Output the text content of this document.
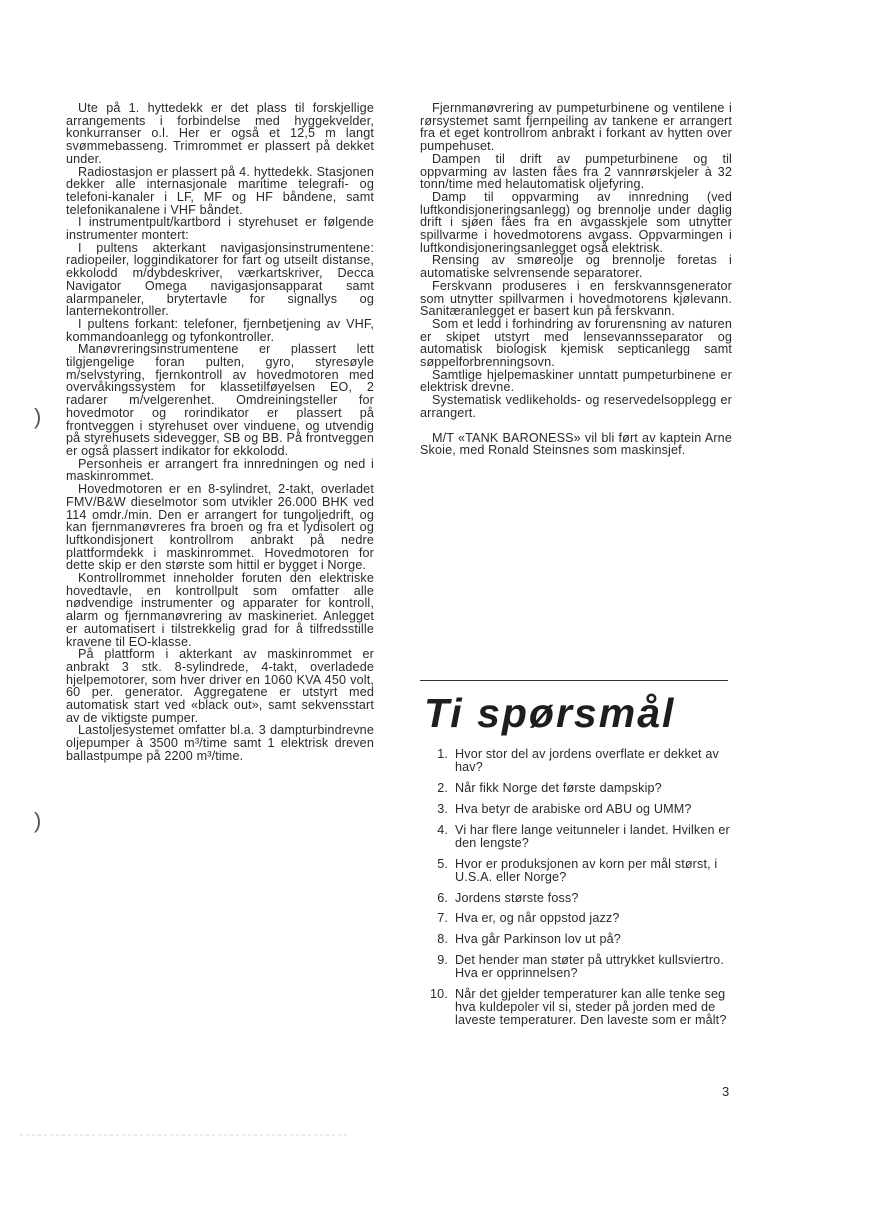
Ute på 1. hyttedekk er det plass til forskjellige arrangements i forbindelse med hyggekvelder, konkurranser o.l. Her er også et 12,5 m langt svømmebasseng. Trimrommet er plassert på dekket under.

Radiostasjon er plassert på 4. hyttedekk. Stasjonen dekker alle internasjonale maritime telegrafi- og telefoni-kanaler i LF, MF og HF båndene, samt telefonikanalene i VHF båndet.

I instrumentpult/kartbord i styrehuset er følgende instrumenter montert:

I pultens akterkant navigasjonsinstrumentene: radiopeiler, loggindikatorer for fart og utseilt distanse, ekkolodd m/dybdeskriver, værkartskriver, Decca Navigator Omega navigasjonsapparat samt alarmpaneler, brytertavle for signallys og lanternekontroller.

I pultens forkant: telefoner, fjernbetjening av VHF, kommandoanlegg og tyfonkontroller.

Manøvreringsinstrumentene er plassert lett tilgjengelige foran pulten, gyro, styresøyle m/selvstyring, fjernkontroll av hovedmotoren med overvåkingssystem for klassetilføyelsen EO, 2 radarer m/velgerenhet. Omdreiningsteller for hovedmotor og rorindikator er plassert på frontveggen i styrehuset over vinduene, og utvendig på styrehusets sidevegger, SB og BB. På frontveggen er også plassert indikator for ekkolodd.

Personheis er arrangert fra innredningen og ned i maskinrommet.

Hovedmotoren er en 8-sylindret, 2-takt, overladet FMV/B&W dieselmotor som utvikler 26.000 BHK ved 114 omdr./min. Den er arrangert for tungoljedrift, og kan fjernmanøvreres fra broen og fra et lydisolert og luftkondisjonert kontrollrom anbrakt på nedre plattformdekk i maskinrommet. Hovedmotoren for dette skip er den største som hittil er bygget i Norge.

Kontrollrommet inneholder foruten den elektriske hovedtavle, en kontrollpult som omfatter alle nødvendige instrumenter og apparater for kontroll, alarm og fjernmanøvrering av maskineriet. Anlegget er automatisert i tilstrekkelig grad for å tilfredsstille kravene til EO-klasse.

På plattform i akterkant av maskinrommet er anbrakt 3 stk. 8-sylindrede, 4-takt, overladede hjelpemotorer, som hver driver en 1060 KVA 450 volt, 60 per. generator. Aggregatene er utstyrt med automatisk start ved «black out», samt sekvensstart av de viktigste pumper.

Lastoljesystemet omfatter bl.a. 3 dampturbindrevne oljepumper à 3500 m³/time samt 1 elektrisk dreven ballastpumpe på 2200 m³/time.

Fjernmanøvrering av pumpeturbinene og ventilene i rørsystemet samt fjernpeiling av tankene er arrangert fra et eget kontrollrom anbrakt i forkant av hytten over pumpehuset.

Dampen til drift av pumpeturbinene og til oppvarming av lasten fåes fra 2 vannrørskjeler à 32 tonn/time med helautomatisk oljefyring.

Damp til oppvarming av innredning (ved luftkondisjoneringsanlegg) og brennolje under daglig drift i sjøen fåes fra en avgasskjele som utnytter spillvarme i hovedmotorens avgass. Oppvarmingen i luftkondisjoneringsanlegget også elektrisk.

Rensing av smøreolje og brennolje foretas i automatiske selvrensende separatorer.

Ferskvann produseres i en ferskvannsgenerator som utnytter spillvarmen i hovedmotorens kjølevann. Sanitæranlegget er basert kun på ferskvann.

Som et ledd i forhindring av forurensning av naturen er skipet utstyrt med lensevannsseparator og automatisk biologisk kjemisk septicanlegg samt søppelforbrenningsovn.

Samtlige hjelpemaskiner unntatt pumpeturbinene er elektrisk drevne.

Systematisk vedlikeholds- og reservedelsopplegg er arrangert.

M/T «TANK BARONESS» vil bli ført av kaptein Arne Skoie, med Ronald Steinsnes som maskinsjef.

Ti spørsmål
1. Hvor stor del av jordens overflate er dekket av hav?
2. Når fikk Norge det første dampskip?
3. Hva betyr de arabiske ord ABU og UMM?
4. Vi har flere lange veitunneler i landet. Hvilken er den lengste?
5. Hvor er produksjonen av korn per mål størst, i U.S.A. eller Norge?
6. Jordens største foss?
7. Hva er, og når oppstod jazz?
8. Hva går Parkinson lov ut på?
9. Det hender man støter på uttrykket kullsviertro. Hva er opprinnelsen?
10. Når det gjelder temperaturer kan alle tenke seg hva kuldepoler vil si, steder på jorden med de laveste temperaturer. Den laveste som er målt?
3
)
)
